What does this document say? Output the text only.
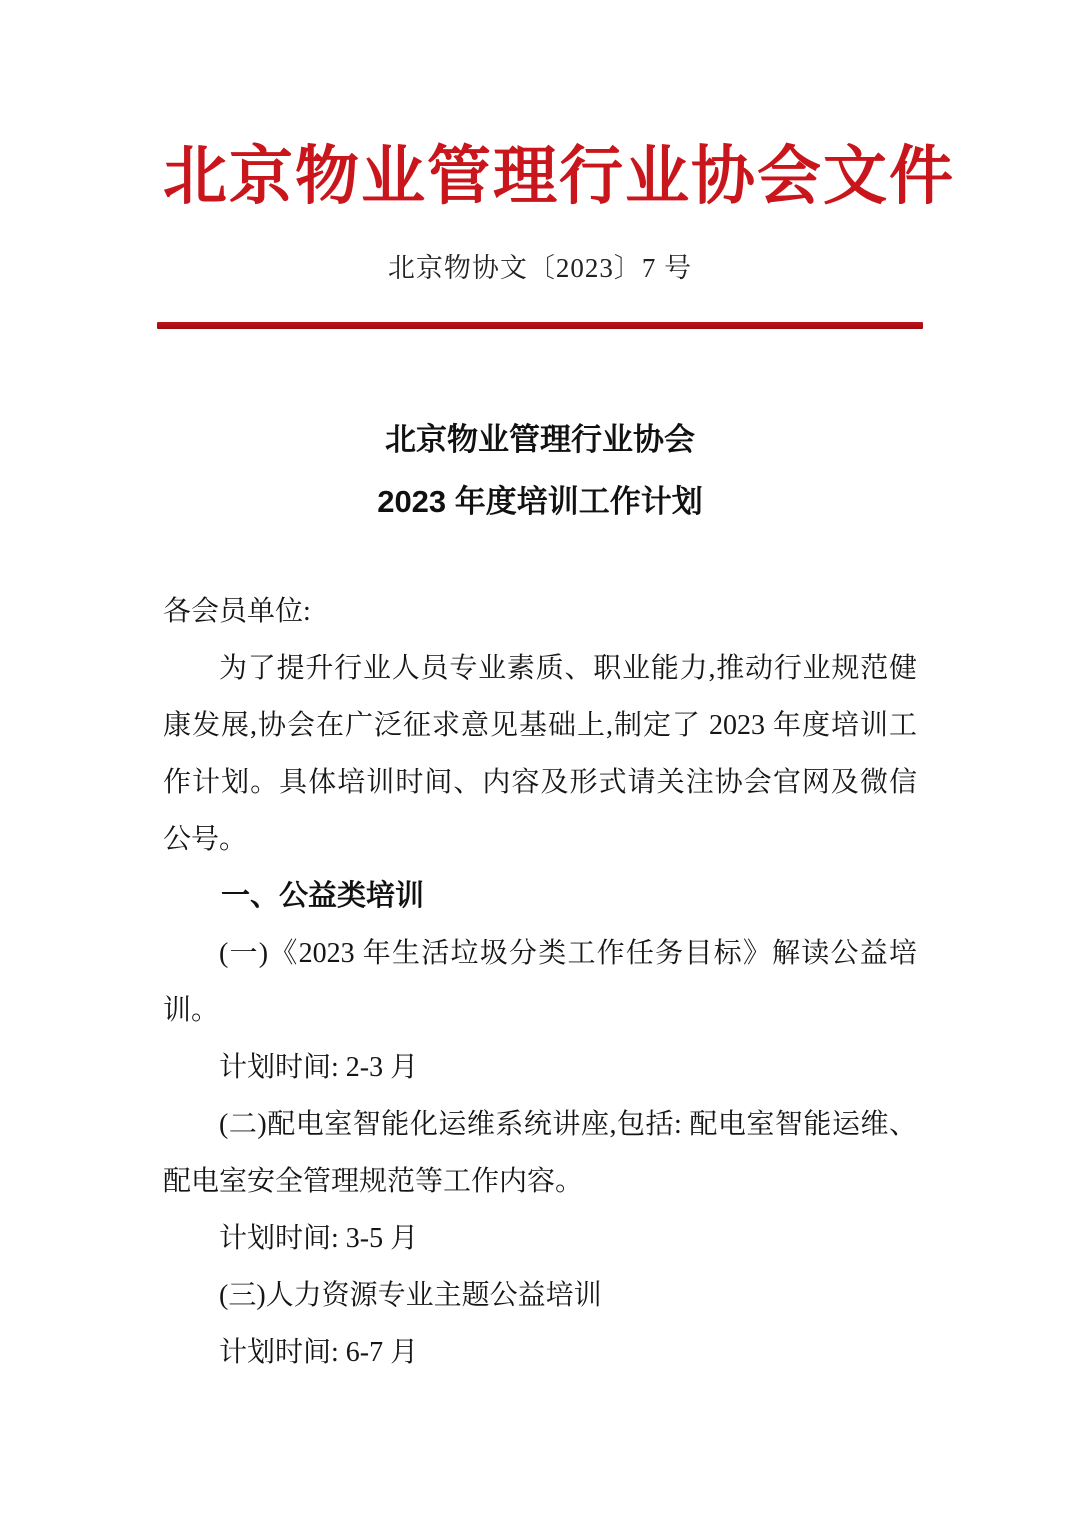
北京物业管理行业协会文件
北京物协文〔2023〕7 号
北京物业管理行业协会
2023 年度培训工作计划

各会员单位:

为了提升行业人员专业素质、职业能力,推动行业规范健康发展,协会在广泛征求意见基础上,制定了 2023 年度培训工作计划。具体培训时间、内容及形式请关注协会官网及微信公号。

一、公益类培训

(一)《2023 年生活垃圾分类工作任务目标》解读公益培训。

计划时间: 2-3 月

(二)配电室智能化运维系统讲座,包括: 配电室智能运维、配电室安全管理规范等工作内容。

计划时间: 3-5 月

(三)人力资源专业主题公益培训

计划时间: 6-7 月
